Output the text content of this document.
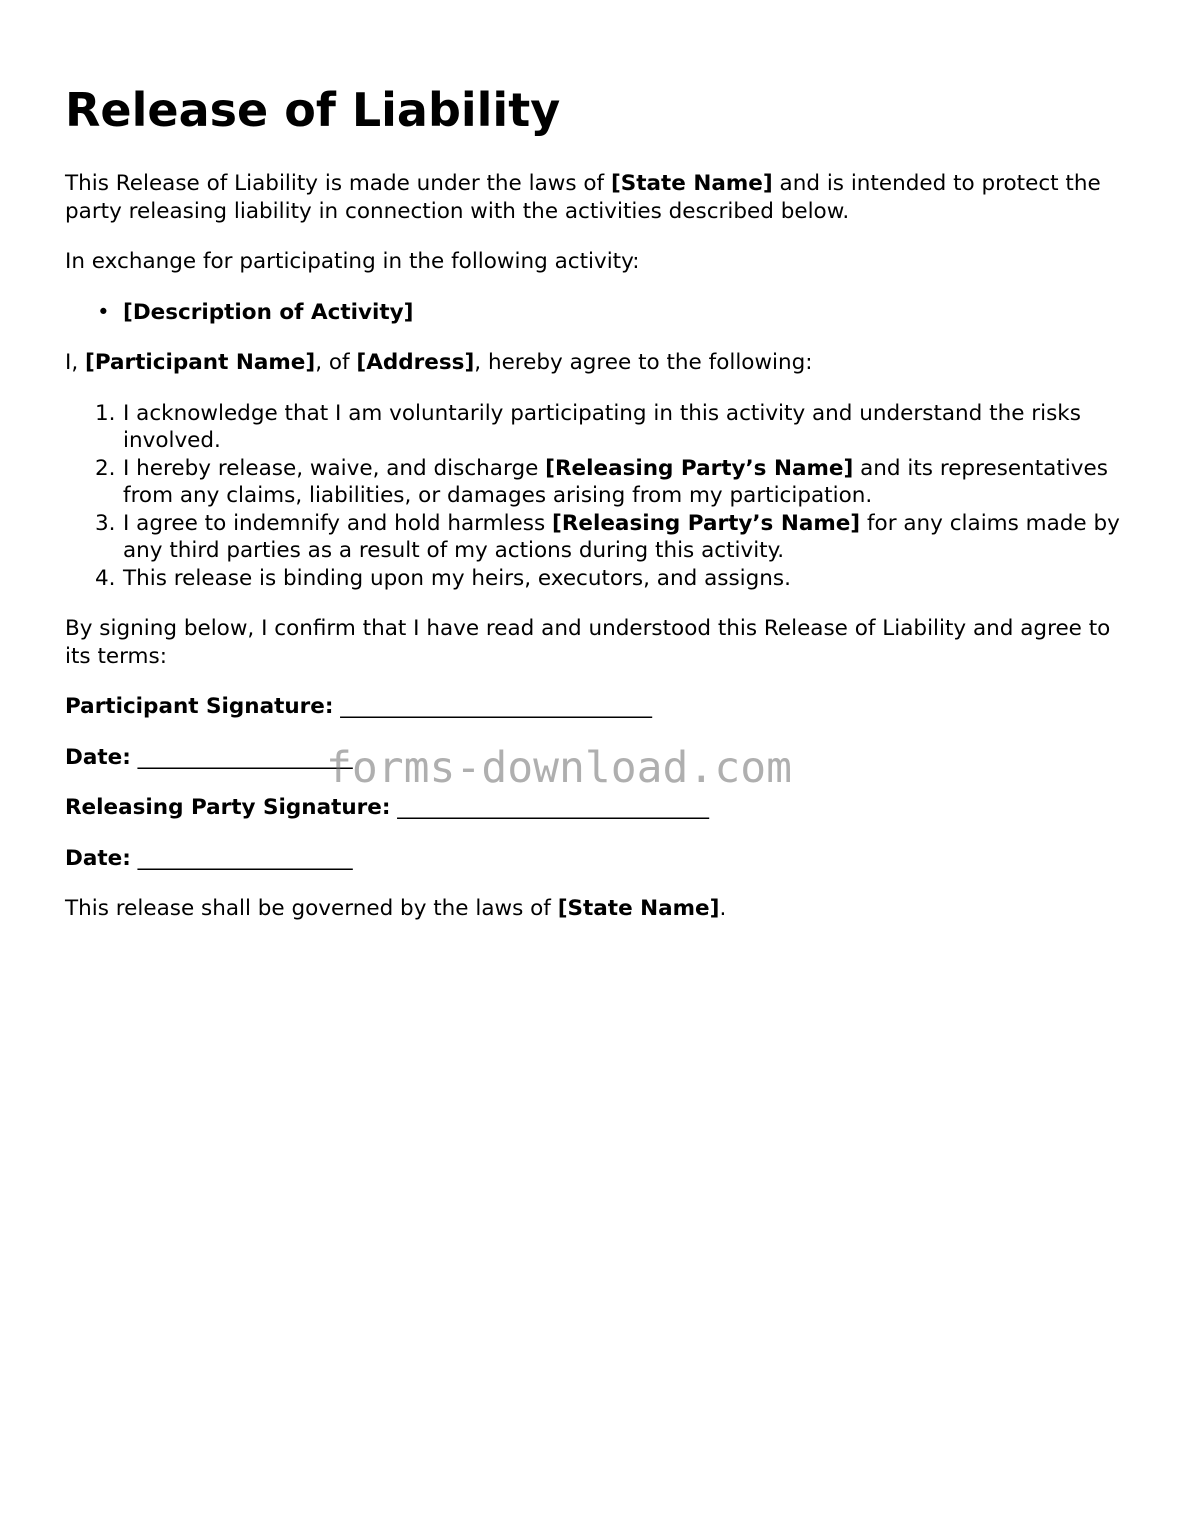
Release of Liability

This Release of Liability is made under the laws of [State Name] and is intended to protect the party releasing liability in connection with the activities described below.

In exchange for participating in the following activity:

• [Description of Activity]

I, [Participant Name], of [Address], hereby agree to the following:

1. I acknowledge that I am voluntarily participating in this activity and understand the risks involved.
2. I hereby release, waive, and discharge [Releasing Party’s Name] and its representatives from any claims, liabilities, or damages arising from my participation.
3. I agree to indemnify and hold harmless [Releasing Party’s Name] for any claims made by any third parties as a result of my actions during this activity.
4. This release is binding upon my heirs, executors, and assigns.

By signing below, I confirm that I have read and understood this Release of Liability and agree to its terms:

Participant Signature: _____________________________
Date: ____________________
Releasing Party Signature: _____________________________
Date: ____________________

This release shall be governed by the laws of [State Name].

forms-download.com
